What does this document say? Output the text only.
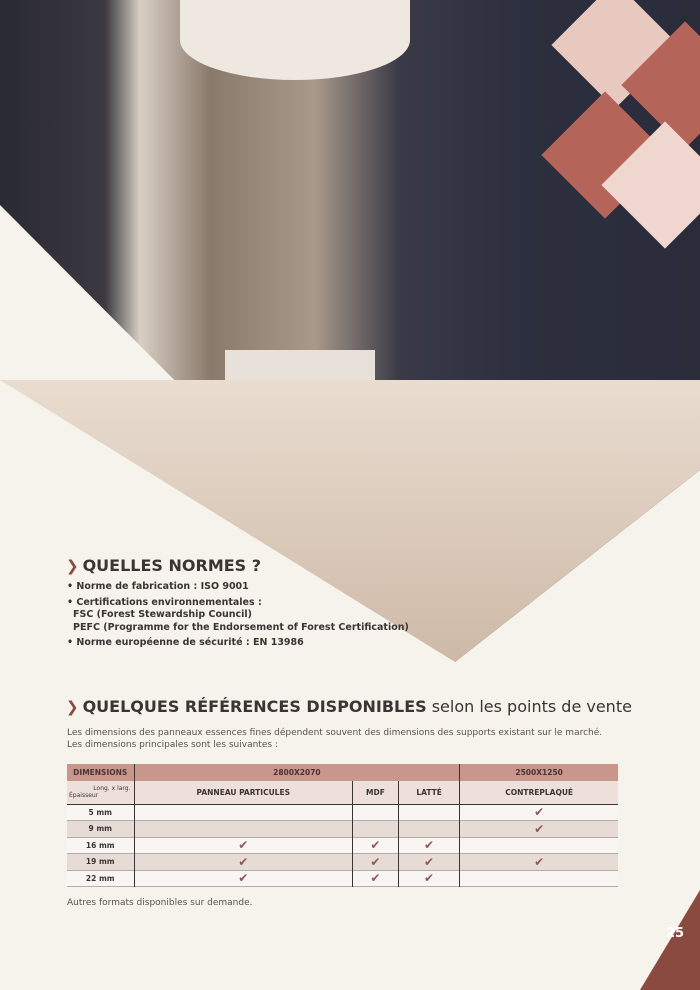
❯ QUELLES NORMES ?
• Norme de fabrication : ISO 9001
• Certifications environnementales :
FSC (Forest Stewardship Council)
PEFC (Programme for the Endorsement of Forest Certification)
• Norme européenne de sécurité : EN 13986
❯ QUELQUES RÉFÉRENCES DISPONIBLES selon les points de vente
Les dimensions des panneaux essences fines dépendent souvent des dimensions des supports existant sur le marché.
Les dimensions principales sont les suivantes :
DIMENSIONS	2800X2070			2500X1250

Long. x larg.
Épaisseur	PANNEAU PARTICULES	MDF	LATTÉ	CONTREPLAQUÉ
5 mm				✔
9 mm				✔
16 mm	✔	✔	✔	
19 mm	✔	✔	✔	✔
22 mm	✔	✔	✔	
Autres formats disponibles sur demande.
25
